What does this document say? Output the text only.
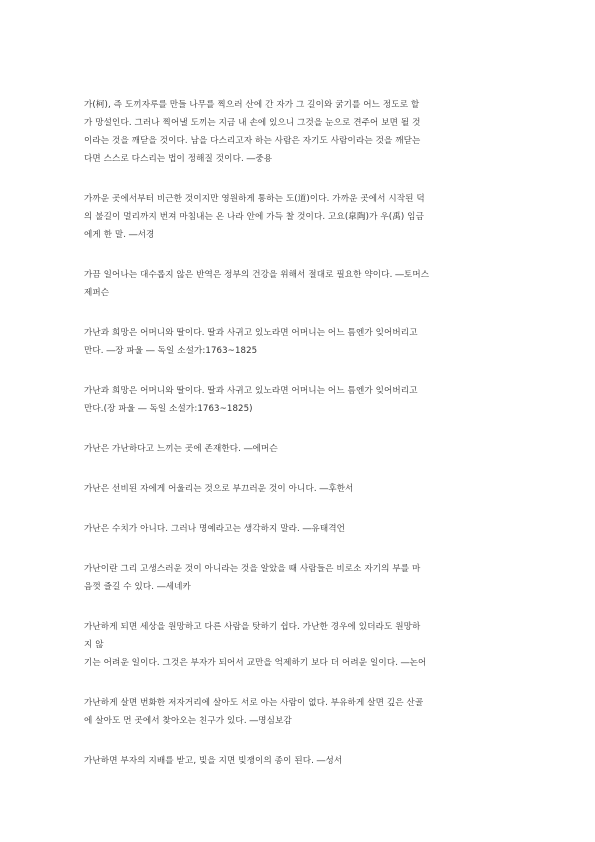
가(柯), 즉 도끼자루를 만들 나무를 찍으러 산에 간 자가 그 길이와 굵기를 어느 정도로 할
가 망설인다. 그러나 찍어낼 도끼는 지금 내 손에 있으니 그것을 눈으로 견주어 보면 될 것
이라는 것을 깨닫을 것이다. 남을 다스리고자 하는 사람은 자기도 사람이라는 것을 깨닫는
다면 스스로 다스리는 법이 정해질 것이다. ―중용

가까운 곳에서부터 비근한 것이지만 영원하게 통하는 도(道)이다. 가까운 곳에서 시작된 덕
의 불길이 멀리까지 번져 마침내는 온 나라 안에 가득 찰 것이다. 고요(皐陶)가 우(禹) 임금
에게 한 말. ―서경

가끔 일어나는 대수롭지 않은 반역은 정부의 건강을 위해서 절대로 필요한 약이다. ―토머스
제퍼슨

가난과 희망은 어머니와 딸이다. 딸과 사귀고 있노라면 어머니는 어느 틈엔가 잊어버리고
만다. ―장 파울 ― 독일 소설가:1763~1825

가난과 희망은 어머니와 딸이다. 딸과 사귀고 있노라면 어머니는 어느 틈엔가 잊어버리고
만다.(장 파울 ― 독일 소설가:1763~1825)

가난은 가난하다고 느끼는 곳에 존재한다. ―에머슨

가난은 선비된 자에게 어울리는 것으로 부끄러운 것이 아니다. ―후한서

가난은 수치가 아니다. 그러나 명예라고는 생각하지 말라. ―유태격언

가난이란 그리 고생스러운 것이 아니라는 것을 알았을 때 사람들은 비로소 자기의 부를 마
음껏 즐길 수 있다. ―세네카

가난하게 되면 세상을 원망하고 다른 사람을 탓하기 쉽다. 가난한 경우에 있더라도 원망하
지 않
기는 어려운 일이다. 그것은 부자가 되어서 교만을 억제하기 보다 더 어려운 일이다. ―논어

가난하게 살면 번화한 저자거리에 살아도 서로 아는 사람이 없다. 부유하게 살면 깊은 산골
에 살아도 먼 곳에서 찾아오는 친구가 있다. ―명심보감

가난하면 부자의 지배를 받고, 빚을 지면 빚쟁이의 종이 된다. ―성서
